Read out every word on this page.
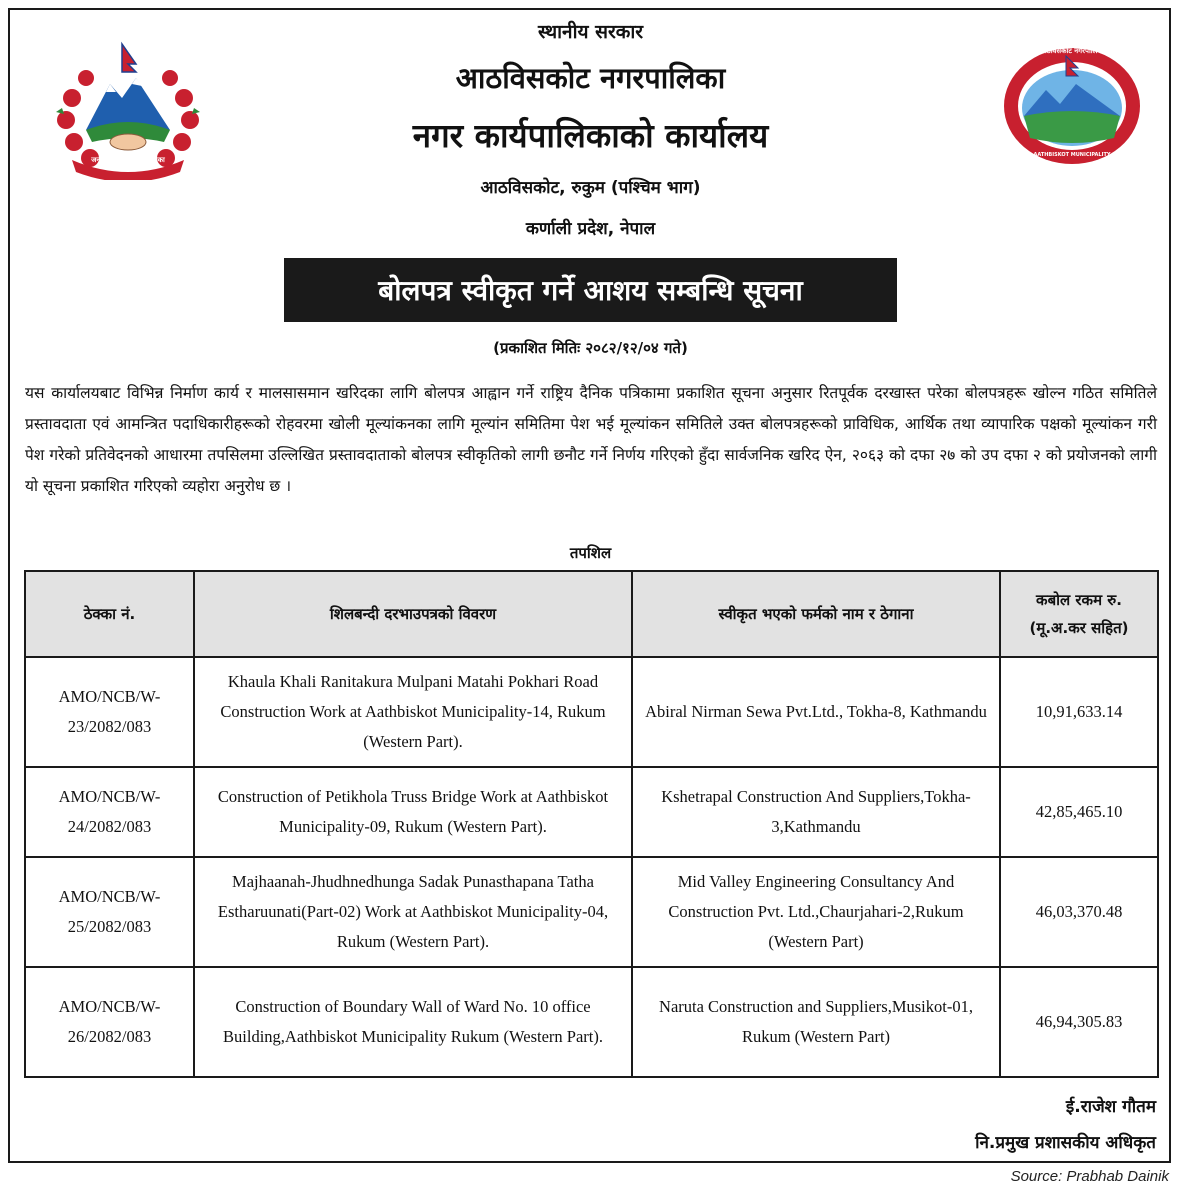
जनताको सेवामा नगरपालिका
आठविसकोट नगरपालिका
AATHBISKOT MUNICIPALITY
स्थानीय सरकार
आठविसकोट नगरपालिका
नगर कार्यपालिकाको कार्यालय
आठविसकोट, रुकुम (पश्चिम भाग)
कर्णाली प्रदेश, नेपाल
बोलपत्र स्वीकृत गर्ने आशय सम्बन्धि सूचना
(प्रकाशित मितिः २०८२/१२/०४ गते)
यस कार्यालयबाट विभिन्न निर्माण कार्य र मालसासमान खरिदका लागि बोलपत्र आह्वान गर्ने राष्ट्रिय दैनिक पत्रिकामा प्रकाशित सूचना अनुसार रितपूर्वक दरखास्त परेका बोलपत्रहरू खोल्न गठित समितिले प्रस्तावदाता एवं आमन्त्रित पदाधिकारीहरूको रोहवरमा खोली मूल्यांकनका लागि मूल्यांन समितिमा पेश भई मूल्यांकन समितिले उक्त बोलपत्रहरूको प्राविधिक, आर्थिक तथा व्यापारिक पक्षको मूल्यांकन गरी पेश गरेको प्रतिवेदनको आधारमा तपसिलमा उल्लिखित प्रस्तावदाताको बोलपत्र स्वीकृतिको लागी छनौट गर्ने निर्णय गरिएको हुँदा सार्वजनिक खरिद ऐन, २०६३ को दफा २७ को उप दफा २ को प्रयोजनको लागी यो सूचना प्रकाशित गरिएको व्यहोरा अनुरोध छ ।
तपशिल
ठेक्का नं.	शिलबन्दी दरभाउपत्रको विवरण	स्वीकृत भएको फर्मको नाम र ठेगाना	कबोल रकम रु. (मू.अ.कर सहित)
AMO/NCB/W-23/2082/083	Khaula Khali Ranitakura Mulpani Matahi Pokhari Road Construction Work at Aathbiskot Municipality-14, Rukum (Western Part).	Abiral Nirman Sewa Pvt.Ltd., Tokha-8, Kathmandu	10,91,633.14
AMO/NCB/W-24/2082/083	Construction of Petikhola Truss Bridge Work at Aathbiskot Municipality-09, Rukum (Western Part).	Kshetrapal Construction And Suppliers,Tokha-3,Kathmandu	42,85,465.10
AMO/NCB/W-25/2082/083	Majhaanah-Jhudhnedhunga Sadak Punasthapana Tatha Estharuunati(Part-02) Work at Aathbiskot Municipality-04, Rukum (Western Part).	Mid Valley Engineering Consultancy And Construction Pvt. Ltd.,Chaurjahari-2,Rukum (Western Part)	46,03,370.48
AMO/NCB/W-26/2082/083	Construction of Boundary Wall of Ward No. 10 office Building,Aathbiskot Municipality Rukum (Western Part).	Naruta Construction and Suppliers,Musikot-01, Rukum (Western Part)	46,94,305.83
ई.राजेश गौतम
नि.प्रमुख प्रशासकीय अधिकृत
Source: Prabhab Dainik
